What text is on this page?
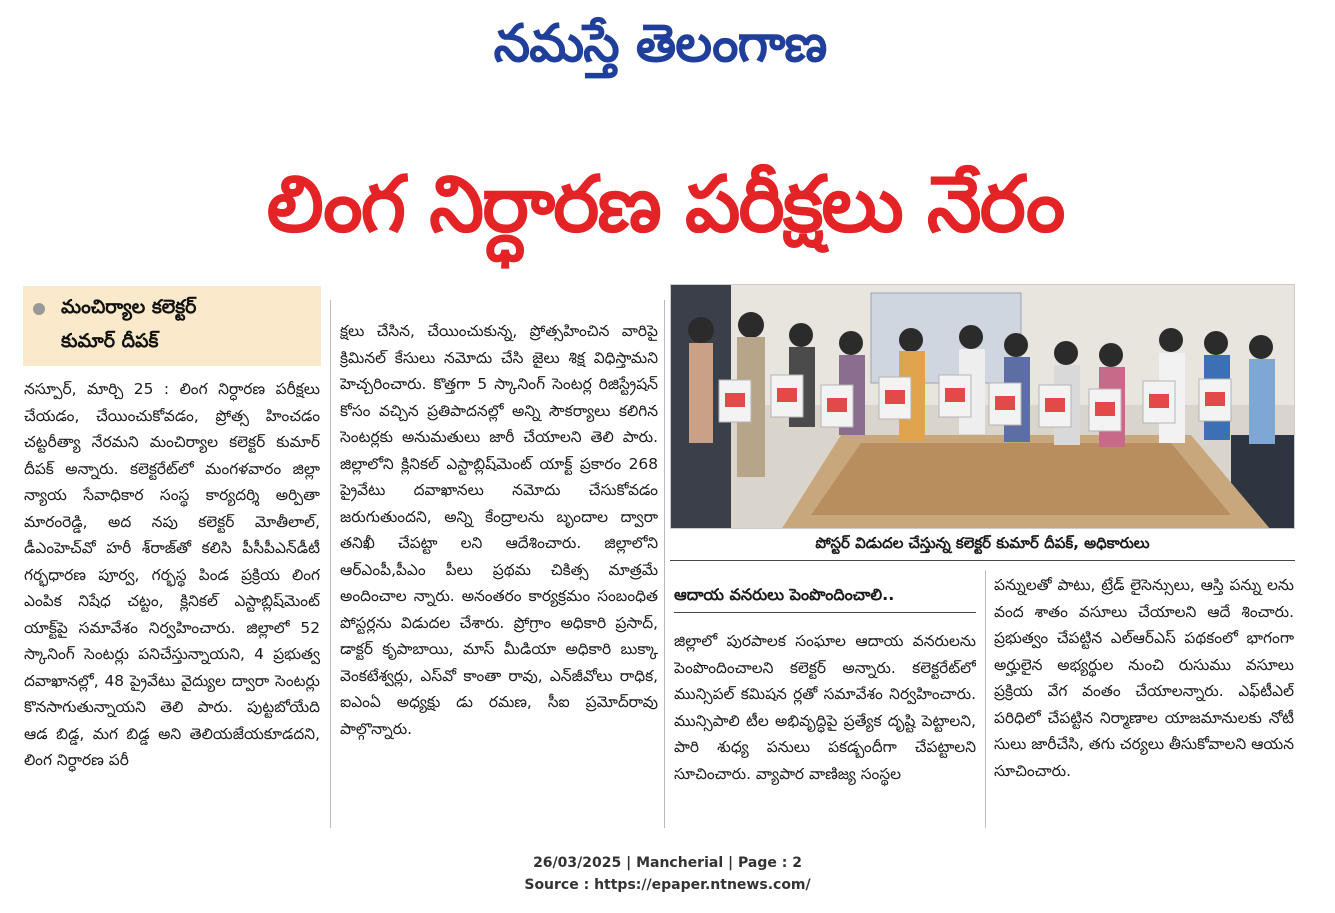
నమస్తే తెలంగాణ
లింగ నిర్ధారణ పరీక్షలు నేరం
మంచిర్యాల కలెక్టర్
కుమార్ దీపక్
నస్పూర్, మార్చి 25 : లింగ నిర్ధారణ పరీక్షలు చేయడం, చేయించుకోవడం, ప్రోత్స హించడం చట్టరీత్యా నేరమని మంచిర్యాల కలెక్టర్ కుమార్ దీపక్ అన్నారు. కలెక్టరేట్‌లో మంగళవారం జిల్లా న్యాయ సేవాధికార సంస్థ కార్యదర్శి అర్పితా మారంరెడ్డి, అద నపు కలెక్టర్ మోతీలాల్, డీఎంహెచ్‌వో హరీ శ్‌రాజ్‌తో కలిసి పీసీపీఎన్‌డీటీ గర్భధారణ పూర్వ, గర్భస్థ పిండ ప్రక్రియ లింగ ఎంపిక నిషేధ చట్టం, క్లినికల్ ఎస్టాబ్లిష్‌మెంట్ యాక్ట్‌పై సమావేశం నిర్వహించారు. జిల్లాలో 52 స్కానింగ్ సెంటర్లు పనిచేస్తున్నాయని, 4 ప్రభుత్వ దవాఖానల్లో, 48 ప్రైవేటు వైద్యుల ద్వారా సెంటర్లు కొనసాగుతున్నాయని తెలి పారు. పుట్టబోయేది ఆడ బిడ్డ, మగ బిడ్డ అని తెలియజేయకూడదని, లింగ నిర్ధారణ పరీ
క్షలు చేసిన, చేయించుకున్న, ప్రోత్సహించిన వారిపై క్రిమినల్ కేసులు నమోదు చేసి జైలు శిక్ష విధిస్తామని హెచ్చరించారు. కొత్తగా 5 స్కానింగ్ సెంటర్ల రిజిస్ట్రేషన్ కోసం వచ్చిన ప్రతిపాదనల్లో అన్ని సౌకర్యాలు కలిగిన సెంటర్లకు అనుమతులు జారీ చేయాలని తెలి పారు. జిల్లాలోని క్లినికల్ ఎస్టాబ్లిష్‌మెంట్ యాక్ట్ ప్రకారం 268 ప్రైవేటు దవాఖానలు నమోదు చేసుకోవడం జరుగుతుందని, అన్ని కేంద్రాలను బృందాల ద్వారా తనిఖీ చేపట్టా లని ఆదేశించారు. జిల్లాలోని ఆర్ఎంపీ,పీఎం పీలు ప్రథమ చికిత్స మాత్రమే అందించాల న్నారు. అనంతరం కార్యక్రమం సంబంధిత పోస్టర్లను విడుదల చేశారు. ప్రోగ్రాం అధికారి ప్రసాద్, డాక్టర్ కృపాబాయి, మాస్ మీడియా అధికారి బుక్కా వెంకటేశ్వర్లు, ఎస్‌వో కాంతా రావు, ఎన్‌జీవోలు రాధిక, ఐఎంఏ అధ్యక్షు డు రమణ, సీఐ ప్రమోద్‌రావు పాల్గొన్నారు.
పోస్టర్ విడుదల చేస్తున్న కలెక్టర్ కుమార్ దీపక్, అధికారులు
ఆదాయ వనరులు పెంపొందించాలి..
జిల్లాలో పురపాలక సంఘాల ఆదాయ వనరులను పెంపొందించాలని కలెక్టర్ అన్నారు. కలెక్టరేట్‌లో మున్సిపల్ కమిషన ర్లతో సమావేశం నిర్వహించారు. మున్సిపాలి టీల అభివృద్ధిపై ప్రత్యేక దృష్టి పెట్టాలని, పారి శుధ్య పనులు పకడ్బందీగా చేపట్టాలని సూచించారు. వ్యాపార వాణిజ్య సంస్థల
పన్నులతో పాటు, ట్రేడ్ లైసెన్సులు, ఆస్తి పన్ను లను వంద శాతం వసూలు చేయాలని ఆదే శించారు. ప్రభుత్వం చేపట్టిన ఎల్ఆర్ఎస్ పథకంలో భాగంగా అర్హులైన అభ్యర్థుల నుంచి రుసుము వసూలు ప్రక్రియ వేగ వంతం చేయాలన్నారు. ఎఫ్‌టీఎల్ పరిధిలో చేపట్టిన నిర్మాణాల యాజమానులకు నోటీ సులు జారీచేసి, తగు చర్యలు తీసుకోవాలని ఆయన సూచించారు.
26/03/2025 | Mancherial | Page : 2
Source : https://epaper.ntnews.com/
